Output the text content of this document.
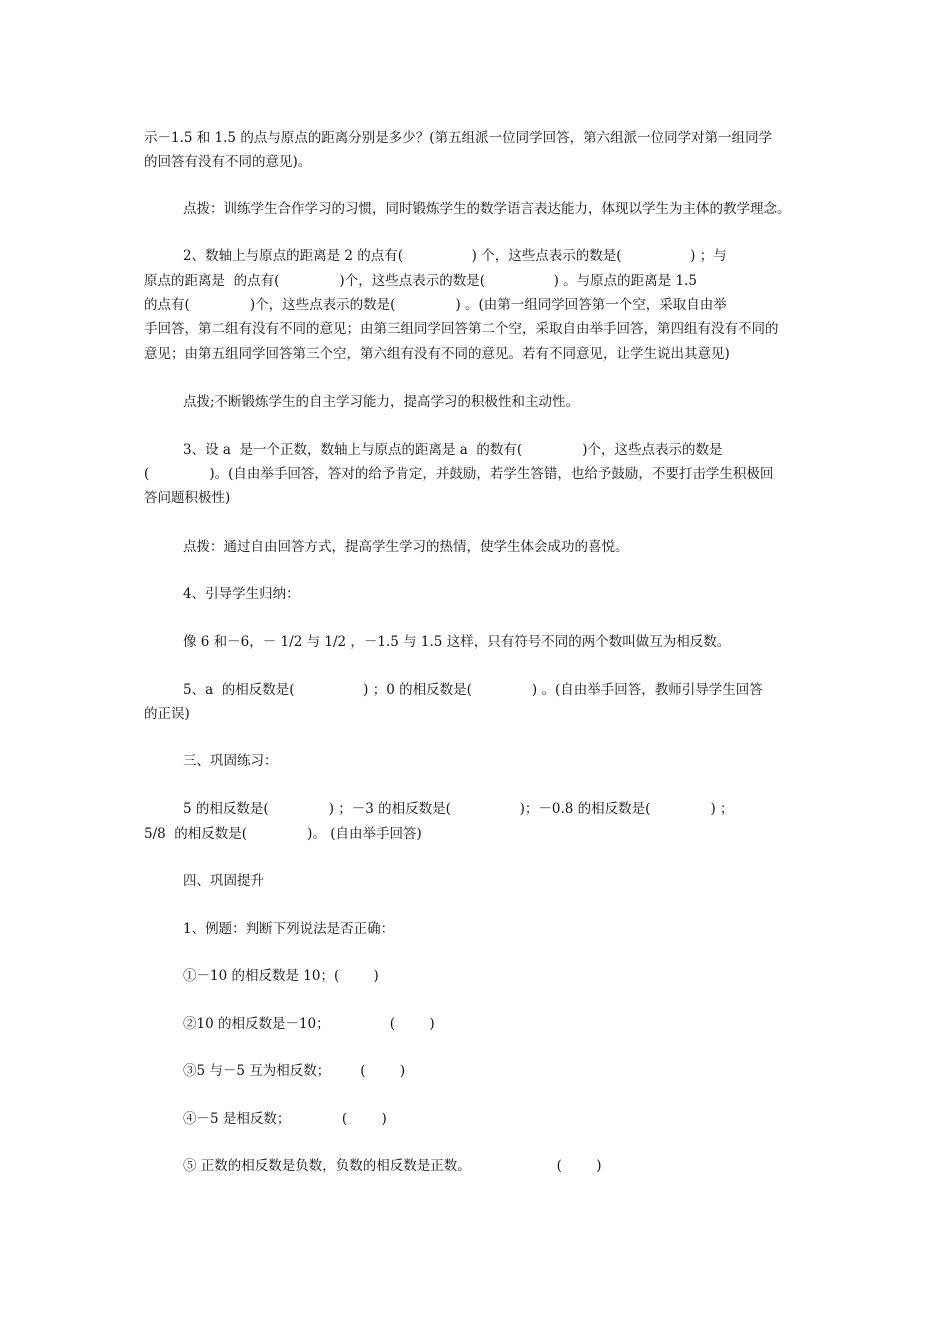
示－1.5 和 1.5 的点与原点的距离分别是多少？(第五组派一位同学回答，第六组派一位同学对第一组同学
的回答有没有不同的意见)。
点拨：训练学生合作学习的习惯，同时锻炼学生的数学语言表达能力，体现以学生为主体的教学理念。
2、数轴上与原点的距离是 2 的点有(                ) 个，这些点表示的数是(                ) ；与
原点的距离是  的点有(              )个，这些点表示的数是(                ) 。与原点的距离是 1.5
的点有(              )个，这些点表示的数是(              ) 。(由第一组同学回答第一个空，采取自由举
手回答，第二组有没有不同的意见；由第三组同学回答第二个空，采取自由举手回答，第四组有没有不同的
意见；由第五组同学回答第三个空，第六组有没有不同的意见。若有不同意见，让学生说出其意见)
点拨;不断锻炼学生的自主学习能力，提高学习的积极性和主动性。
3、设 a  是一个正数，数轴上与原点的距离是 a  的数有(              )个，这些点表示的数是
(              )。(自由举手回答，答对的给予肯定，并鼓励，若学生答错，也给予鼓励，不要打击学生积极回
答问题积极性)
点拨：通过自由回答方式，提高学生学习的热情，使学生体会成功的喜悦。
4、引导学生归纳：
像 6 和－6，－ 1/2 与 1/2 ，－1.5 与 1.5 这样，只有符号不同的两个数叫做互为相反数。
5、a  的相反数是(                ) ；0 的相反数是(              ) 。(自由举手回答，教师引导学生回答
的正误)
三、巩固练习：
5 的相反数是(              ) ；－3 的相反数是(                )；－0.8 的相反数是(              ) ；
5/8  的相反数是(              )。 (自由举手回答)
四、巩固提升
1、例题：判断下列说法是否正确：
①－10 的相反数是 10；(        )
②10 的相反数是－10；              (        )
③5 与－5 互为相反数；       (        )
④－5 是相反数；            (        )
⑤ 正数的相反数是负数，负数的相反数是正数。                    (        )
